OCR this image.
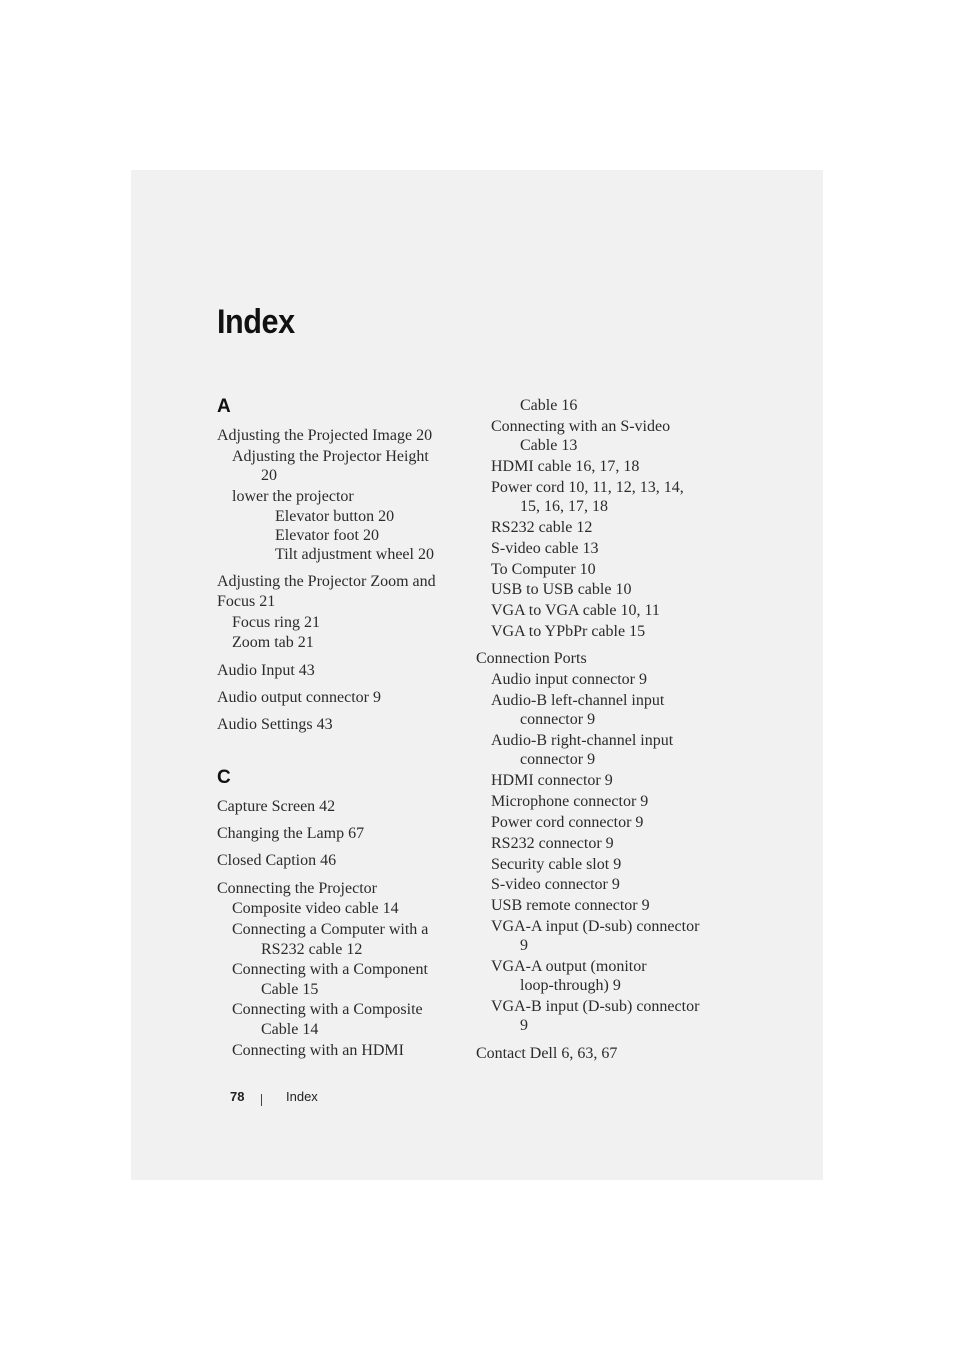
Index
A
Adjusting the Projected Image 20
Adjusting the Projector Height
20
lower the projector
Elevator button 20
Elevator foot 20
Tilt adjustment wheel 20
Adjusting the Projector Zoom and
Focus 21
Focus ring 21
Zoom tab 21
Audio Input 43
Audio output connector 9
Audio Settings 43
C
Capture Screen 42
Changing the Lamp 67
Closed Caption 46
Connecting the Projector
Composite video cable 14
Connecting a Computer with a
RS232 cable 12
Connecting with a Component
Cable 15
Connecting with a Composite
Cable 14
Connecting with an HDMI
Cable 16
Connecting with an S-video
Cable 13
HDMI cable 16, 17, 18
Power cord 10, 11, 12, 13, 14,
15, 16, 17, 18
RS232 cable 12
S-video cable 13
To Computer 10
USB to USB cable 10
VGA to VGA cable 10, 11
VGA to YPbPr cable 15
Connection Ports
Audio input connector 9
Audio-B left-channel input
connector 9
Audio-B right-channel input
connector 9
HDMI connector 9
Microphone connector 9
Power cord connector 9
RS232 connector 9
Security cable slot 9
S-video connector 9
USB remote connector 9
VGA-A input (D-sub) connector
9
VGA-A output (monitor
loop-through) 9
VGA-B input (D-sub) connector
9
Contact Dell 6, 63, 67
78	Index
